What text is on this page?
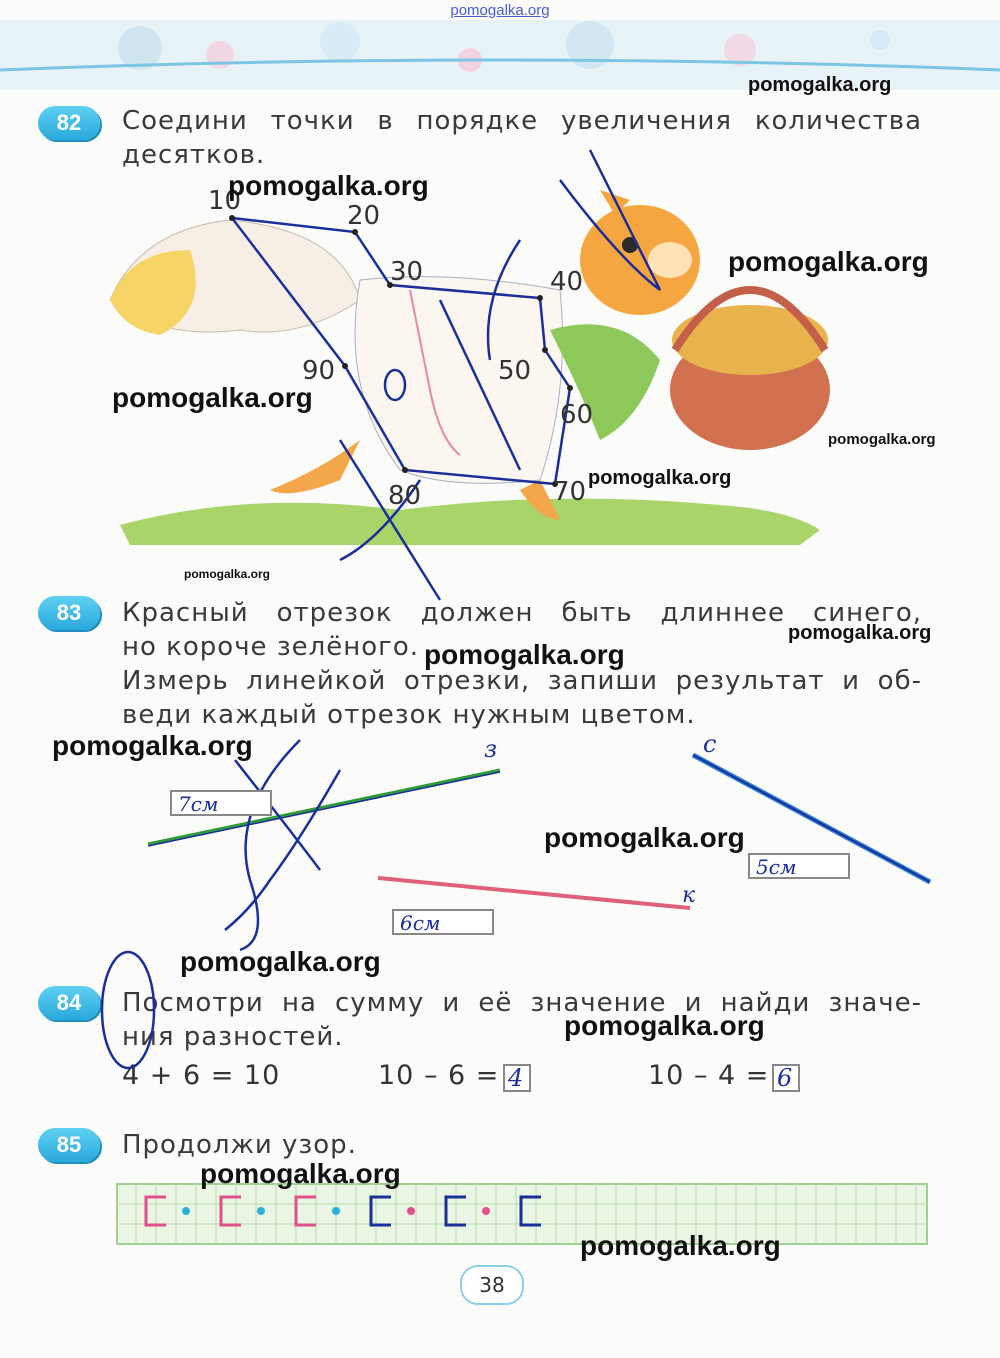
pomogalka.org
82	Соедини точки в порядке увеличения количества
десятков.
10	20
30	40
50
60
70
80
90
83	Красный отрезок должен быть длиннее синего,
но короче зелёного.
Измерь линейкой отрезки, запиши результат и об-
веди каждый отрезок нужным цветом.
7см
6см
5см
з
к
с
84	Посмотри на сумму и её значение и найди значе-
ния разностей.
4 + 6 = 10	10 – 6 = 4	10 – 4 = 6
85	Продолжи узор.
38
pomogalka.org
pomogalka.org
pomogalka.org
pomogalka.org
pomogalka.org
pomogalka.org
pomogalka.org
pomogalka.org
pomogalka.org
pomogalka.org
pomogalka.org
pomogalka.org
pomogalka.org
pomogalka.org
pomogalka.org
